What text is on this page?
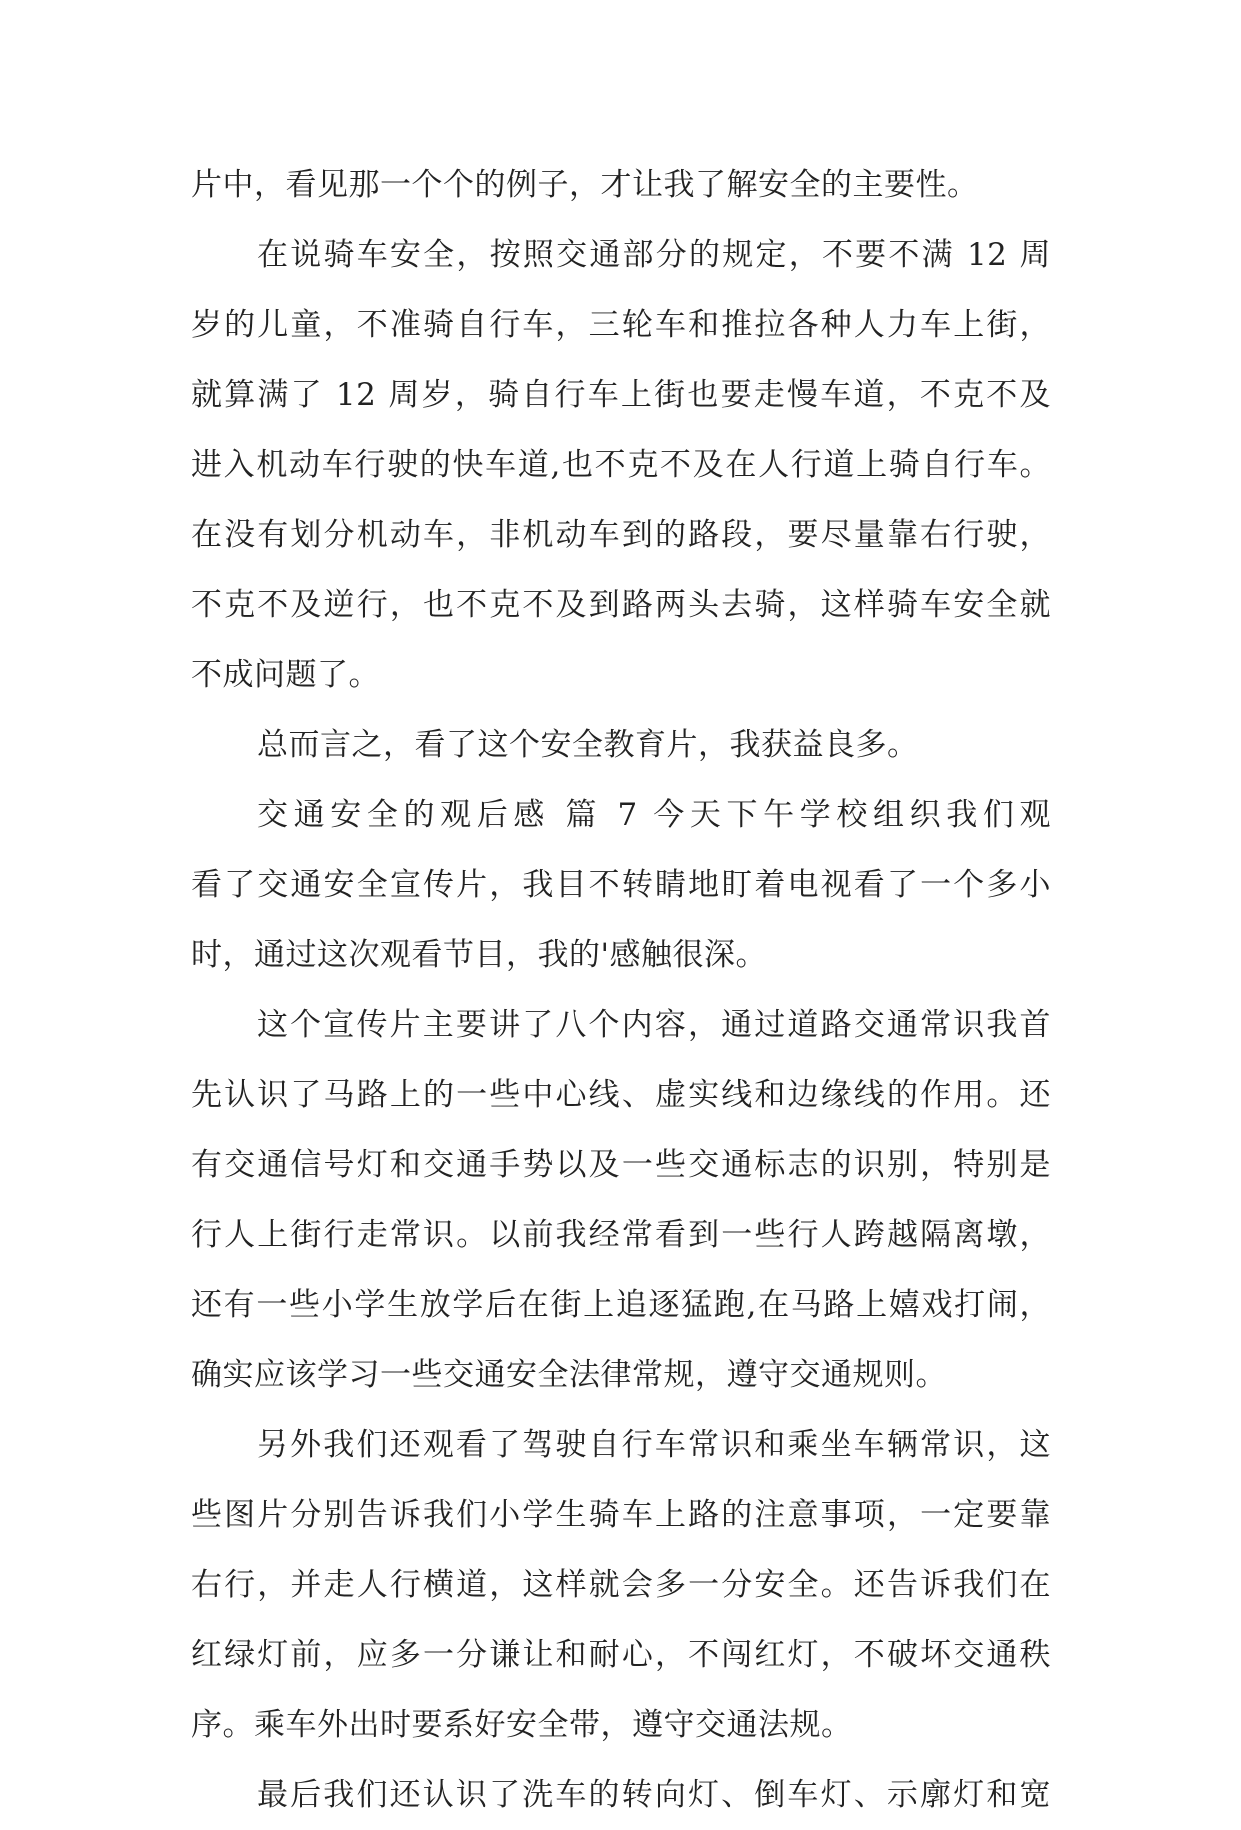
片中，看见那一个个的例子，才让我了解安全的主要性。
在说骑车安全，按照交通部分的规定，不要不满 12 周
岁的儿童，不准骑自行车，三轮车和推拉各种人力车上街，
就算满了 12 周岁，骑自行车上街也要走慢车道，不克不及
进入机动车行驶的快车道,也不克不及在人行道上骑自行车。
在没有划分机动车，非机动车到的路段，要尽量靠右行驶，
不克不及逆行，也不克不及到路两头去骑，这样骑车安全就
不成问题了。
总而言之，看了这个安全教育片，我获益良多。
交通安全的观后感 篇 7 今天下午学校组织我们观
看了交通安全宣传片，我目不转睛地盯着电视看了一个多小
时，通过这次观看节目，我的'感触很深。
这个宣传片主要讲了八个内容，通过道路交通常识我首
先认识了马路上的一些中心线、虚实线和边缘线的作用。还
有交通信号灯和交通手势以及一些交通标志的识别，特别是
行人上街行走常识。以前我经常看到一些行人跨越隔离墩，
还有一些小学生放学后在街上追逐猛跑,在马路上嬉戏打闹，
确实应该学习一些交通安全法律常规，遵守交通规则。
另外我们还观看了驾驶自行车常识和乘坐车辆常识，这
些图片分别告诉我们小学生骑车上路的注意事项，一定要靠
右行，并走人行横道，这样就会多一分安全。还告诉我们在
红绿灯前，应多一分谦让和耐心，不闯红灯，不破坏交通秩
序。乘车外出时要系好安全带，遵守交通法规。
最后我们还认识了洗车的转向灯、倒车灯、示廓灯和宽
